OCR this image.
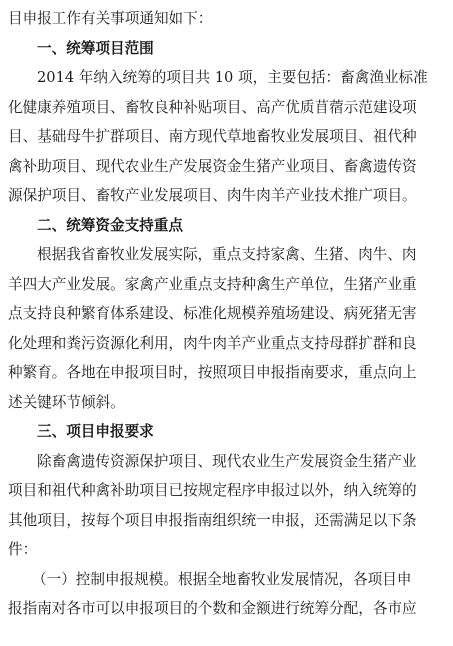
目申报工作有关事项通知如下：
一、统筹项目范围
2014 年纳入统筹的项目共 10 项，主要包括：畜禽渔业标准
化健康养殖项目、畜牧良种补贴项目、高产优质苜蓿示范建设项
目、基础母牛扩群项目、南方现代草地畜牧业发展项目、祖代种
禽补助项目、现代农业生产发展资金生猪产业项目、畜禽遗传资
源保护项目、畜牧产业发展项目、肉牛肉羊产业技术推广项目。
二、统筹资金支持重点
根据我省畜牧业发展实际，重点支持家禽、生猪、肉牛、肉
羊四大产业发展。家禽产业重点支持种禽生产单位，生猪产业重
点支持良种繁育体系建设、标准化规模养殖场建设、病死猪无害
化处理和粪污资源化利用，肉牛肉羊产业重点支持母群扩群和良
种繁育。各地在申报项目时，按照项目申报指南要求，重点向上
述关键环节倾斜。
三、项目申报要求
除畜禽遗传资源保护项目、现代农业生产发展资金生猪产业
项目和祖代种禽补助项目已按规定程序申报过以外，纳入统筹的
其他项目，按每个项目申报指南组织统一申报，还需满足以下条
件：
（一）控制申报规模。根据全地畜牧业发展情况，各项目申
报指南对各市可以申报项目的个数和金额进行统筹分配，各市应
